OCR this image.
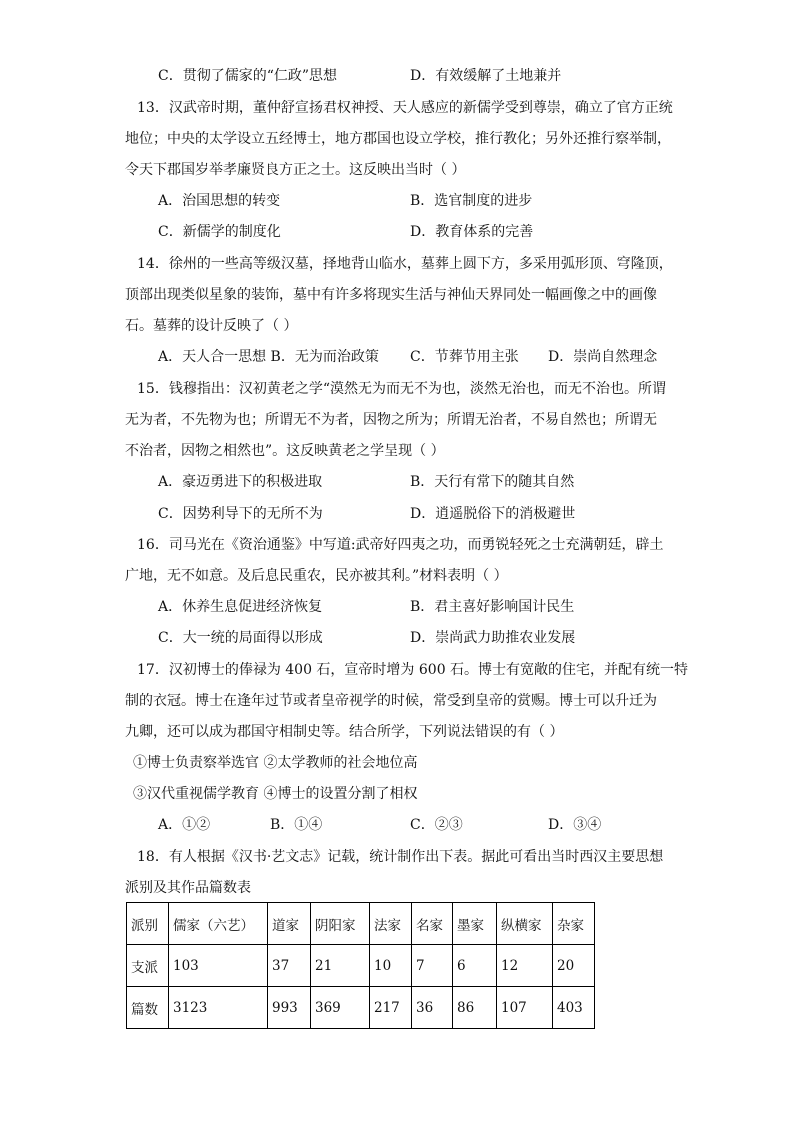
C．贯彻了儒家的“仁政”思想	D．有效缓解了土地兼并
13．汉武帝时期，董仲舒宣扬君权神授、天人感应的新儒学受到尊崇，确立了官方正统
地位；中央的太学设立五经博士，地方郡国也设立学校，推行教化；另外还推行察举制，
令天下郡国岁举孝廉贤良方正之士。这反映出当时（ ）
A．治国思想的转变	B．选官制度的进步
C．新儒学的制度化	D．教育体系的完善
14．徐州的一些高等级汉墓，择地背山临水，墓葬上圆下方，多采用弧形顶、穹隆顶，
顶部出现类似星象的装饰，墓中有许多将现实生活与神仙天界同处一幅画像之中的画像
石。墓葬的设计反映了（ ）
A．天人合一思想 B．无为而治政策 C．节葬节用主张 D．崇尚自然理念
15．钱穆指出：汉初黄老之学“漠然无为而无不为也，淡然无治也，而无不治也。所谓
无为者，不先物为也；所谓无不为者，因物之所为；所谓无治者，不易自然也；所谓无
不治者，因物之相然也”。这反映黄老之学呈现（ ）
A．豪迈勇进下的积极进取	B．天行有常下的随其自然
C．因势利导下的无所不为	D．逍遥脱俗下的消极避世
16．司马光在《资治通鉴》中写道:武帝好四夷之功，而勇锐轻死之士充满朝廷，辟土
广地，无不如意。及后息民重农，民亦被其利。”材料表明（ ）
A．休养生息促进经济恢复	B．君主喜好影响国计民生
C．大一统的局面得以形成	D．崇尚武力助推农业发展
17．汉初博士的俸禄为 400 石，宣帝时增为 600 石。博士有宽敞的住宅，并配有统一特
制的衣冠。博士在逢年过节或者皇帝视学的时候，常受到皇帝的赏赐。博士可以升迁为
九卿，还可以成为郡国守相制史等。结合所学，下列说法错误的有（ ）
①博士负责察举选官 ②太学教师的社会地位高
③汉代重视儒学教育 ④博士的设置分割了相权
A．①②	B．①④	C．②③	D．③④
18．有人根据《汉书·艺文志》记载，统计制作出下表。据此可看出当时西汉主要思想
派别及其作品篇数表
派别	儒家（六艺）	道家	阴阳家	法家	名家	墨家	纵横家	杂家
支派	103	37	21	10	7	6	12	20
篇数	3123	993	369	217	36	86	107	403
